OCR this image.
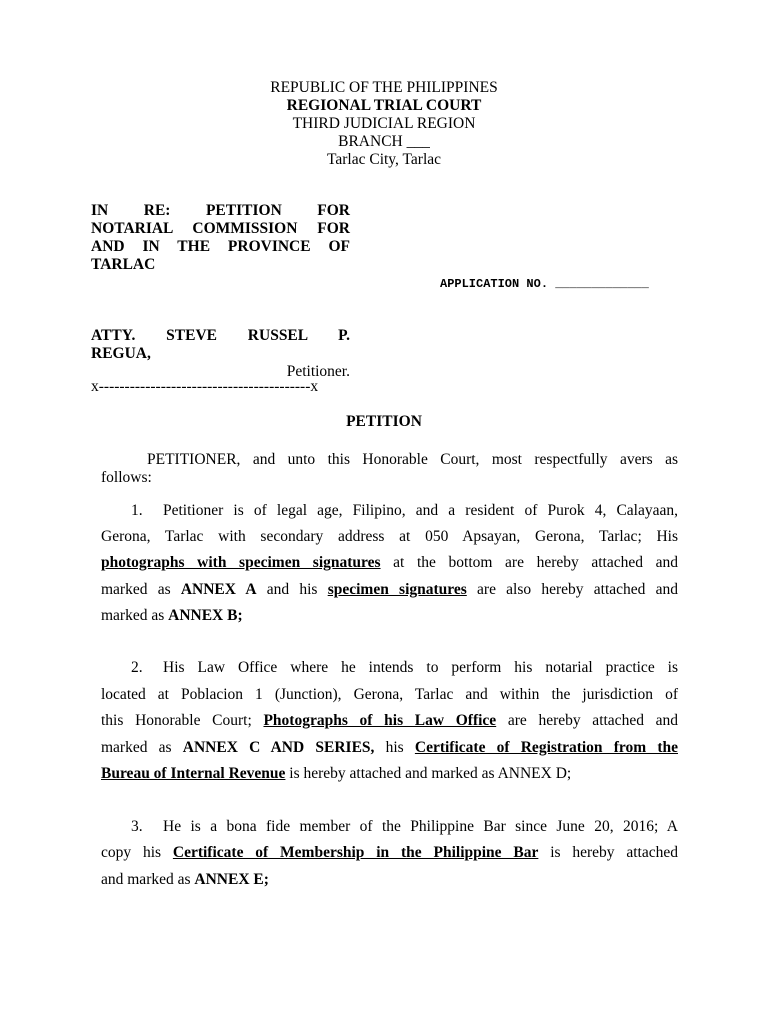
REPUBLIC OF THE PHILIPPINES
REGIONAL TRIAL COURT
THIRD JUDICIAL REGION
BRANCH ___
Tarlac City, Tarlac
IN RE: PETITION FOR
NOTARIAL COMMISSION FOR
AND IN THE PROVINCE OF
TARLAC
APPLICATION NO. _____________
ATTY. STEVE RUSSEL P.
REGUA,
Petitioner.
x-----------------------------------------x
PETITION
PETITIONER, and unto this Honorable Court, most respectfully avers as
follows:
1. Petitioner is of legal age, Filipino, and a resident of Purok 4, Calayaan,
Gerona, Tarlac with secondary address at 050 Apsayan, Gerona, Tarlac; His
photographs with specimen signatures at the bottom are hereby attached and
marked as ANNEX A and his specimen signatures are also hereby attached and
marked as ANNEX B;
2. His Law Office where he intends to perform his notarial practice is
located at Poblacion 1 (Junction), Gerona, Tarlac and within the jurisdiction of
this Honorable Court; Photographs of his Law Office are hereby attached and
marked as ANNEX C AND SERIES, his Certificate of Registration from the
Bureau of Internal Revenue is hereby attached and marked as ANNEX D;
3. He is a bona fide member of the Philippine Bar since June 20, 2016; A
copy his Certificate of Membership in the Philippine Bar is hereby attached
and marked as ANNEX E;
